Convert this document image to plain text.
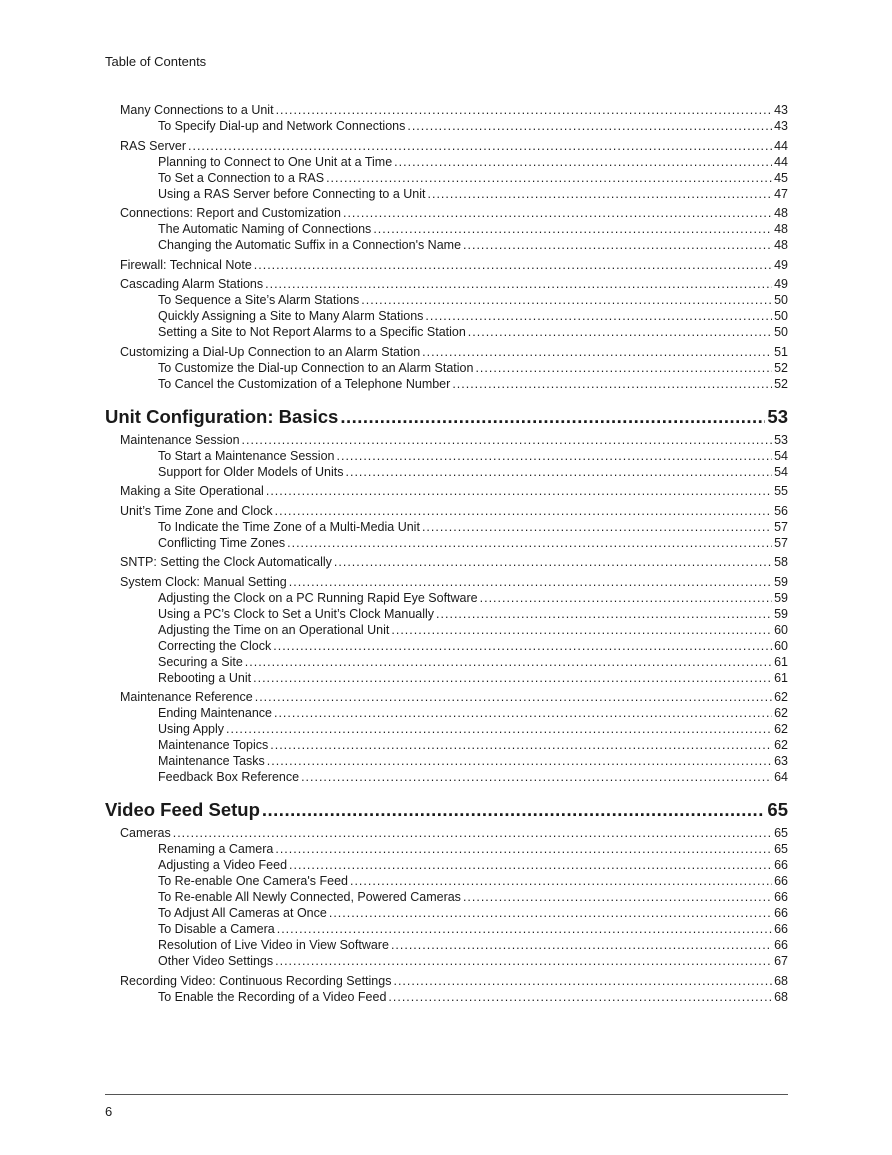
Table of Contents
Many Connections to a Unit .....	43
To Specify Dial-up and Network Connections .....	43
RAS Server .....	44
Planning to Connect to One Unit at a Time .....	44
To Set a Connection to a RAS .....	45
Using a RAS Server before Connecting to a Unit .....	47
Connections: Report and Customization .....	48
The Automatic Naming of Connections .....	48
Changing the Automatic Suffix in a Connection's Name .....	48
Firewall: Technical Note .....	49
Cascading Alarm Stations .....	49
To Sequence a Site’s Alarm Stations .....	50
Quickly Assigning a Site to Many Alarm Stations .....	50
Setting a Site to Not Report Alarms to a Specific Station .....	50
Customizing a Dial-Up Connection to an Alarm Station .....	51
To Customize the Dial-up Connection to an Alarm Station .....	52
To Cancel the Customization of a Telephone Number .....	52
Unit Configuration: Basics .....	53
Maintenance Session .....	53
To Start a Maintenance Session .....	54
Support for Older Models of Units .....	54
Making a Site Operational .....	55
Unit’s Time Zone and Clock .....	56
To Indicate the Time Zone of a Multi-Media Unit .....	57
Conflicting Time Zones .....	57
SNTP: Setting the Clock Automatically .....	58
System Clock: Manual Setting .....	59
Adjusting the Clock on a PC Running Rapid Eye Software .....	59
Using a PC’s Clock to Set a Unit’s Clock Manually .....	59
Adjusting the Time on an Operational Unit .....	60
Correcting the Clock .....	60
Securing a Site .....	61
Rebooting a Unit .....	61
Maintenance Reference .....	62
Ending Maintenance .....	62
Using Apply .....	62
Maintenance Topics .....	62
Maintenance Tasks .....	63
Feedback Box Reference .....	64
Video Feed Setup .....	65
Cameras .....	65
Renaming a Camera .....	65
Adjusting a Video Feed .....	66
To Re-enable One Camera's Feed .....	66
To Re-enable All Newly Connected, Powered Cameras .....	66
To Adjust All Cameras at Once .....	66
To Disable a Camera .....	66
Resolution of Live Video in View Software .....	66
Other Video Settings .....	67
Recording Video: Continuous Recording Settings .....	68
To Enable the Recording of a Video Feed .....	68
6
